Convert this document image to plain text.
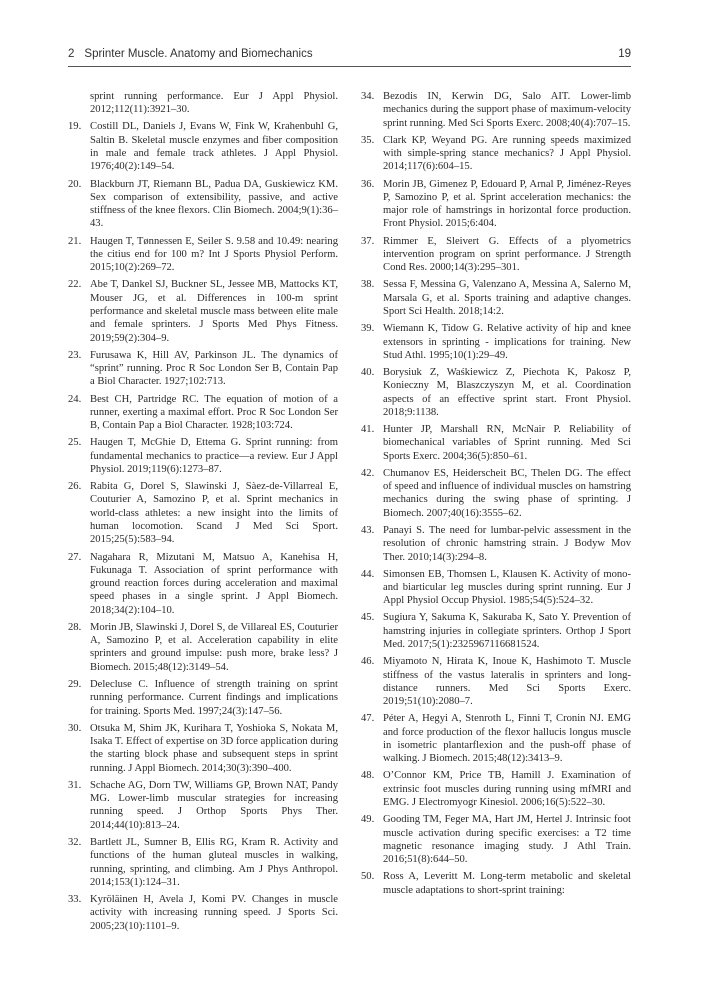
2 Sprinter Muscle. Anatomy and Biomechanics	19
sprint running performance. Eur J Appl Physiol. 2012;112(11):3921–30.
19. Costill DL, Daniels J, Evans W, Fink W, Krahenbuhl G, Saltin B. Skeletal muscle enzymes and fiber composition in male and female track athletes. J Appl Physiol. 1976;40(2):149–54.
20. Blackburn JT, Riemann BL, Padua DA, Guskiewicz KM. Sex comparison of extensibility, passive, and active stiffness of the knee flexors. Clin Biomech. 2004;9(1):36–43.
21. Haugen T, Tønnessen E, Seiler S. 9.58 and 10.49: nearing the citius end for 100 m? Int J Sports Physiol Perform. 2015;10(2):269–72.
22. Abe T, Dankel SJ, Buckner SL, Jessee MB, Mattocks KT, Mouser JG, et al. Differences in 100-m sprint performance and skeletal muscle mass between elite male and female sprinters. J Sports Med Phys Fitness. 2019;59(2):304–9.
23. Furusawa K, Hill AV, Parkinson JL. The dynamics of “sprint” running. Proc R Soc London Ser B, Contain Pap a Biol Character. 1927;102:713.
24. Best CH, Partridge RC. The equation of motion of a runner, exerting a maximal effort. Proc R Soc London Ser B, Contain Pap a Biol Character. 1928;103:724.
25. Haugen T, McGhie D, Ettema G. Sprint running: from fundamental mechanics to practice—a review. Eur J Appl Physiol. 2019;119(6):1273–87.
26. Rabita G, Dorel S, Slawinski J, Sàez-de-Villarreal E, Couturier A, Samozino P, et al. Sprint mechanics in world-class athletes: a new insight into the limits of human locomotion. Scand J Med Sci Sport. 2015;25(5):583–94.
27. Nagahara R, Mizutani M, Matsuo A, Kanehisa H, Fukunaga T. Association of sprint performance with ground reaction forces during acceleration and maximal speed phases in a single sprint. J Appl Biomech. 2018;34(2):104–10.
28. Morin JB, Slawinski J, Dorel S, de Villareal ES, Couturier A, Samozino P, et al. Acceleration capability in elite sprinters and ground impulse: push more, brake less? J Biomech. 2015;48(12):3149–54.
29. Delecluse C. Influence of strength training on sprint running performance. Current findings and implications for training. Sports Med. 1997;24(3):147–56.
30. Otsuka M, Shim JK, Kurihara T, Yoshioka S, Nokata M, Isaka T. Effect of expertise on 3D force application during the starting block phase and subsequent steps in sprint running. J Appl Biomech. 2014;30(3):390–400.
31. Schache AG, Dorn TW, Williams GP, Brown NAT, Pandy MG. Lower-limb muscular strategies for increasing running speed. J Orthop Sports Phys Ther. 2014;44(10):813–24.
32. Bartlett JL, Sumner B, Ellis RG, Kram R. Activity and functions of the human gluteal muscles in walking, running, sprinting, and climbing. Am J Phys Anthropol. 2014;153(1):124–31.
33. Kyröläinen H, Avela J, Komi PV. Changes in muscle activity with increasing running speed. J Sports Sci. 2005;23(10):1101–9.
34. Bezodis IN, Kerwin DG, Salo AIT. Lower-limb mechanics during the support phase of maximum-velocity sprint running. Med Sci Sports Exerc. 2008;40(4):707–15.
35. Clark KP, Weyand PG. Are running speeds maximized with simple-spring stance mechanics? J Appl Physiol. 2014;117(6):604–15.
36. Morin JB, Gimenez P, Edouard P, Arnal P, Jiménez-Reyes P, Samozino P, et al. Sprint acceleration mechanics: the major role of hamstrings in horizontal force production. Front Physiol. 2015;6:404.
37. Rimmer E, Sleivert G. Effects of a plyometrics intervention program on sprint performance. J Strength Cond Res. 2000;14(3):295–301.
38. Sessa F, Messina G, Valenzano A, Messina A, Salerno M, Marsala G, et al. Sports training and adaptive changes. Sport Sci Health. 2018;14:2.
39. Wiemann K, Tidow G. Relative activity of hip and knee extensors in sprinting - implications for training. New Stud Athl. 1995;10(1):29–49.
40. Borysiuk Z, Waśkiewicz Z, Piechota K, Pakosz P, Konieczny M, Blaszczyszyn M, et al. Coordination aspects of an effective sprint start. Front Physiol. 2018;9:1138.
41. Hunter JP, Marshall RN, McNair P. Reliability of biomechanical variables of Sprint running. Med Sci Sports Exerc. 2004;36(5):850–61.
42. Chumanov ES, Heiderscheit BC, Thelen DG. The effect of speed and influence of individual muscles on hamstring mechanics during the swing phase of sprinting. J Biomech. 2007;40(16):3555–62.
43. Panayi S. The need for lumbar-pelvic assessment in the resolution of chronic hamstring strain. J Bodyw Mov Ther. 2010;14(3):294–8.
44. Simonsen EB, Thomsen L, Klausen K. Activity of mono- and biarticular leg muscles during sprint running. Eur J Appl Physiol Occup Physiol. 1985;54(5):524–32.
45. Sugiura Y, Sakuma K, Sakuraba K, Sato Y. Prevention of hamstring injuries in collegiate sprinters. Orthop J Sport Med. 2017;5(1):2325967116681524.
46. Miyamoto N, Hirata K, Inoue K, Hashimoto T. Muscle stiffness of the vastus lateralis in sprinters and long-distance runners. Med Sci Sports Exerc. 2019;51(10):2080–7.
47. Péter A, Hegyi A, Stenroth L, Finni T, Cronin NJ. EMG and force production of the flexor hallucis longus muscle in isometric plantarflexion and the push-off phase of walking. J Biomech. 2015;48(12):3413–9.
48. O’Connor KM, Price TB, Hamill J. Examination of extrinsic foot muscles during running using mfMRI and EMG. J Electromyogr Kinesiol. 2006;16(5):522–30.
49. Gooding TM, Feger MA, Hart JM, Hertel J. Intrinsic foot muscle activation during specific exercises: a T2 time magnetic resonance imaging study. J Athl Train. 2016;51(8):644–50.
50. Ross A, Leveritt M. Long-term metabolic and skeletal muscle adaptations to short-sprint training:
